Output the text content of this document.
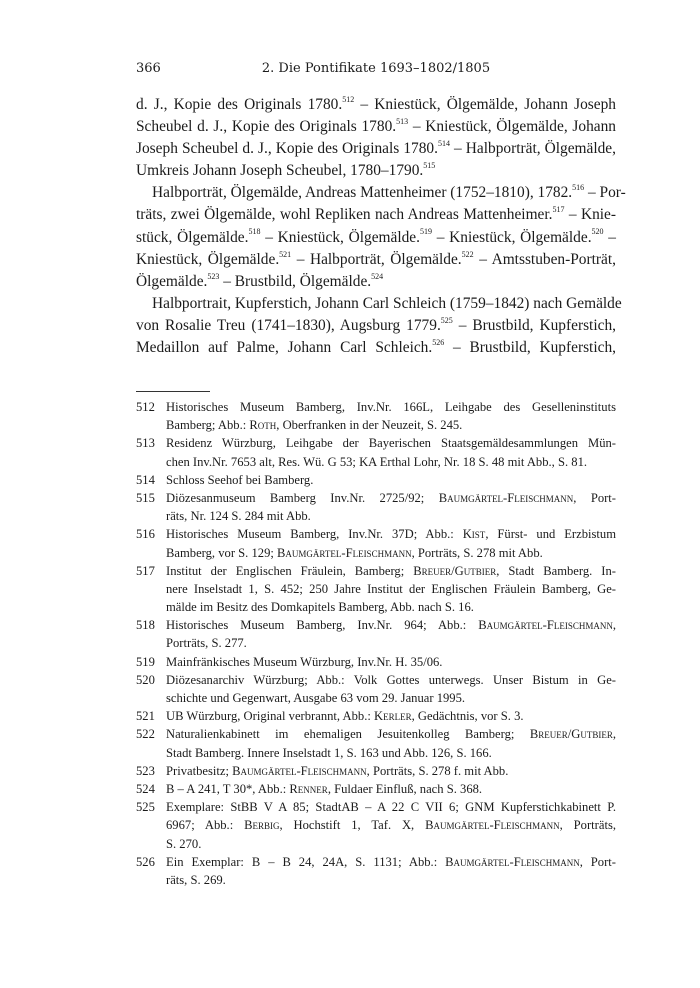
366	2. Die Pontifikate 1693–1802/1805
d. J., Kopie des Originals 1780.$^{512}$ – Kniestück, Ölgemälde, Johann Joseph
Scheubel d. J., Kopie des Originals 1780.$^{513}$ – Kniestück, Ölgemälde, Johann
Joseph Scheubel d. J., Kopie des Originals 1780.$^{514}$ – Halbporträt, Ölgemälde,
Umkreis Johann Joseph Scheubel, 1780–1790.$^{515}$
Halbporträt, Ölgemälde, Andreas Mattenheimer (1752–1810), 1782.$^{516}$ – Por-
träts, zwei Ölgemälde, wohl Repliken nach Andreas Mattenheimer.$^{517}$ – Knie-
stück, Ölgemälde.$^{518}$ – Kniestück, Ölgemälde.$^{519}$ – Kniestück, Ölgemälde.$^{520}$ –
Kniestück, Ölgemälde.$^{521}$ – Halbporträt, Ölgemälde.$^{522}$ – Amtsstuben-Porträt,
Ölgemälde.$^{523}$ – Brustbild, Ölgemälde.$^{524}$
Halbportrait, Kupferstich, Johann Carl Schleich (1759–1842) nach Gemälde
von Rosalie Treu (1741–1830), Augsburg 1779.$^{525}$ – Brustbild, Kupferstich,
Medaillon auf Palme, Johann Carl Schleich.$^{526}$ – Brustbild, Kupferstich,
512 Historisches Museum Bamberg, Inv.Nr. 166L, Leihgabe des Geselleninstituts
Bamberg; Abb.: Roth, Oberfranken in der Neuzeit, S. 245.
513 Residenz Würzburg, Leihgabe der Bayerischen Staatsgemäldesammlungen Mün-
chen Inv.Nr. 7653 alt, Res. Wü. G 53; KA Erthal Lohr, Nr. 18 S. 48 mit Abb., S. 81.
514 Schloss Seehof bei Bamberg.
515 Diözesanmuseum Bamberg Inv.Nr. 2725/92; Baumgärtel-Fleischmann, Port-
räts, Nr. 124 S. 284 mit Abb.
516 Historisches Museum Bamberg, Inv.Nr. 37D; Abb.: Kist, Fürst- und Erzbistum
Bamberg, vor S. 129; Baumgärtel-Fleischmann, Porträts, S. 278 mit Abb.
517 Institut der Englischen Fräulein, Bamberg; Breuer/Gutbier, Stadt Bamberg. In-
nere Inselstadt 1, S. 452; 250 Jahre Institut der Englischen Fräulein Bamberg, Ge-
mälde im Besitz des Domkapitels Bamberg, Abb. nach S. 16.
518 Historisches Museum Bamberg, Inv.Nr. 964; Abb.: Baumgärtel-Fleischmann,
Porträts, S. 277.
519 Mainfränkisches Museum Würzburg, Inv.Nr. H. 35/06.
520 Diözesanarchiv Würzburg; Abb.: Volk Gottes unterwegs. Unser Bistum in Ge-
schichte und Gegenwart, Ausgabe 63 vom 29. Januar 1995.
521 UB Würzburg, Original verbrannt, Abb.: Kerler, Gedächtnis, vor S. 3.
522 Naturalienkabinett im ehemaligen Jesuitenkolleg Bamberg; Breuer/Gutbier,
Stadt Bamberg. Innere Inselstadt 1, S. 163 und Abb. 126, S. 166.
523 Privatbesitz; Baumgärtel-Fleischmann, Porträts, S. 278 f. mit Abb.
524 B – A 241, T 30*, Abb.: Renner, Fuldaer Einfluß, nach S. 368.
525 Exemplare: StBB V A 85; StadtAB – A 22 C VII 6; GNM Kupferstichkabinett P.
6967; Abb.: Berbig, Hochstift 1, Taf. X, Baumgärtel-Fleischmann, Porträts,
S. 270.
526 Ein Exemplar: B – B 24, 24A, S. 1131; Abb.: Baumgärtel-Fleischmann, Port-
räts, S. 269.
